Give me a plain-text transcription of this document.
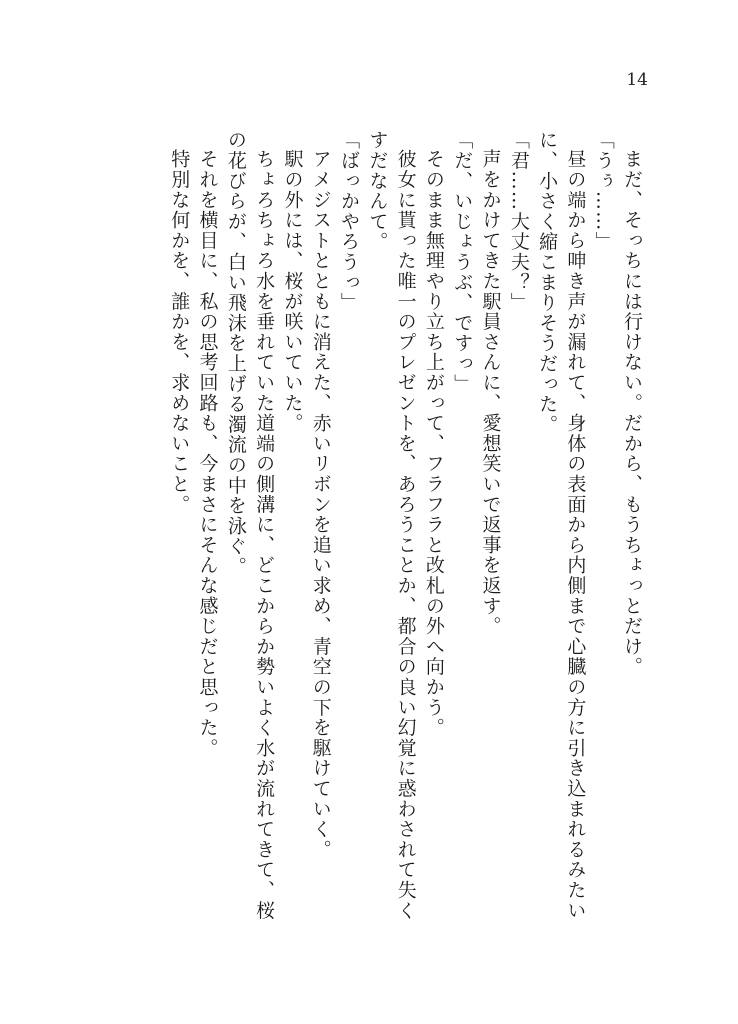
14

まだ、そっちには行けない。だから、もうちょっとだけ。

「うぅ……」

昼の端から呻き声が漏れて、身体の表面から内側まで心臓の方に引き込まれるみたいに、小さく縮こまりそうだった。

「君……大丈夫？」

声をかけてきた駅員さんに、愛想笑いで返事を返す。

「だ、いじょうぶ、ですっ」

そのまま無理やり立ち上がって、フラフラと改札の外へ向かう。

彼女に貰った唯一のプレゼントを、あろうことか、都合の良い幻覚に惑わされて失くすだなんて。

「ばっかやろうっ」

アメジストとともに消えた、赤いリボンを追い求め、青空の下を駆けていく。

駅の外には、桜が咲いていた。

ちょろちょろ水を垂れていた道端の側溝に、どこからか勢いよく水が流れてきて、桜の花びらが、白い飛沫を上げる濁流の中を泳ぐ。

それを横目に、私の思考回路も、今まさにそんな感じだと思った。

特別な何かを、誰かを、求めないこと。
